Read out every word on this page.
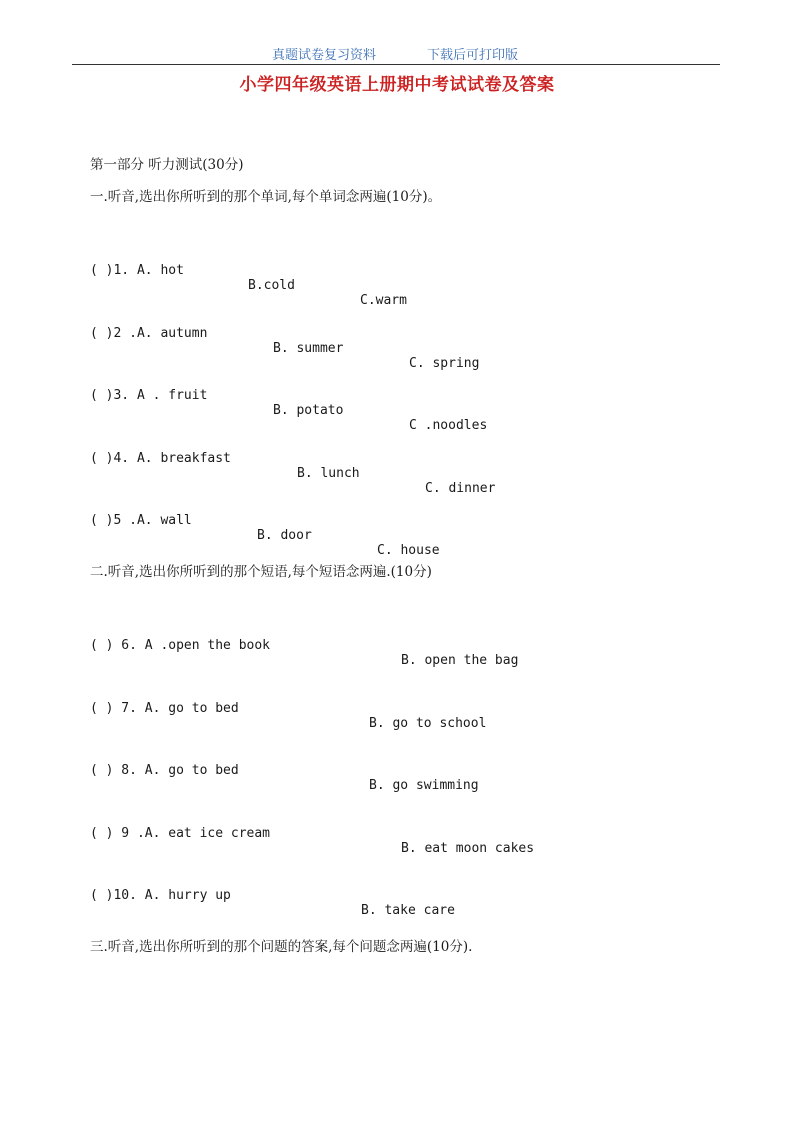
真题试卷复习资料	下载后可打印版
小学四年级英语上册期中考试试卷及答案
第一部分 听力测试(30分)
一.听音,选出你所听到的那个单词,每个单词念两遍(10分)。

( )1. A. hot

B.cold

C.warm

( )2 .A. autumn

B. summer

C. spring

( )3. A . fruit

B. potato

C .noodles

( )4. A. breakfast

B. lunch

C. dinner

( )5 .A. wall

B. door

C. house

二.听音,选出你所听到的那个短语,每个短语念两遍.(10分)

( ) 6. A .open the book

B. open the bag

( ) 7. A. go to bed

B. go to school

( ) 8. A. go to bed

B. go swimming

( ) 9 .A. eat ice cream

B. eat moon cakes

( )10. A. hurry up

B. take care

三.听音,选出你所听到的那个问题的答案,每个问题念两遍(10分).
